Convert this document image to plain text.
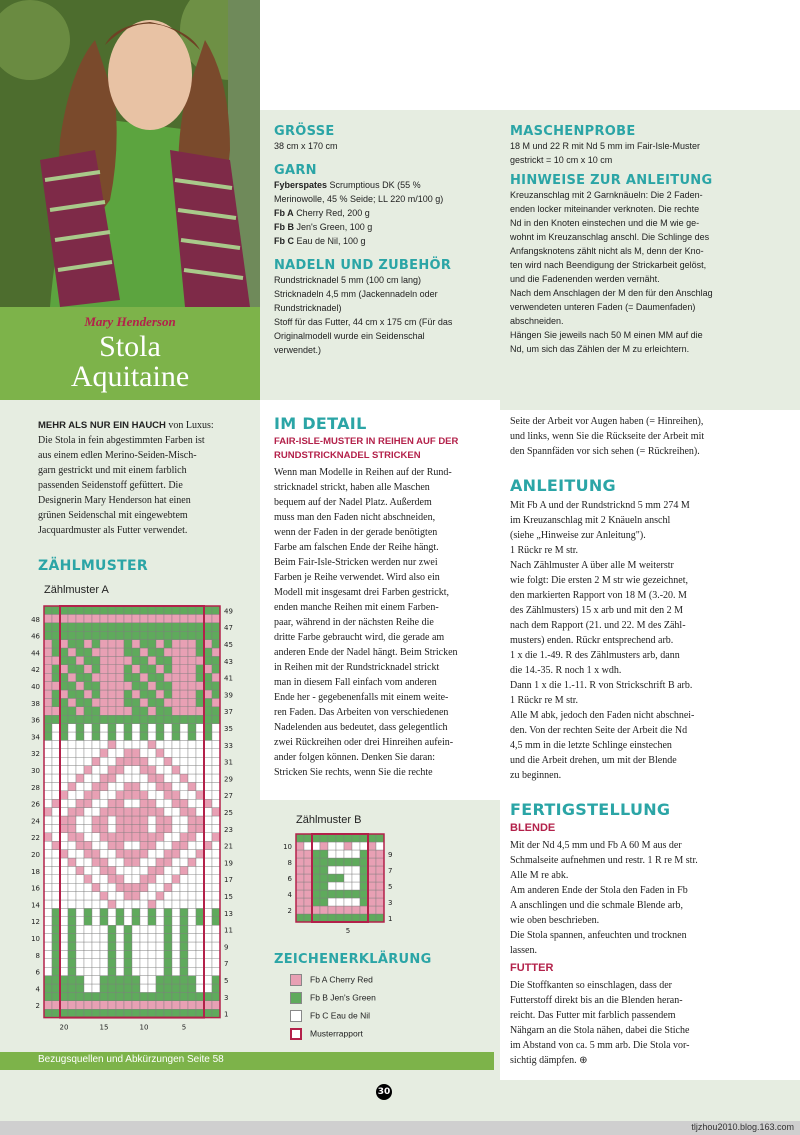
Mary Henderson
Stola
Aquitaine
GRÖSSE
38 cm x 170 cm
GARN
Fyberspates Scrumptious DK (55 %
Merinowolle, 45 % Seide; LL 220 m/100 g)
Fb A Cherry Red, 200 g
Fb B Jen's Green, 100 g
Fb C Eau de Nil, 100 g
NADELN UND ZUBEHÖR
Rundstricknadel 5 mm (100 cm lang)
Stricknadeln 4,5 mm (Jackennadeln oder
Rundstricknadel)
Stoff für das Futter, 44 cm x 175 cm (Für das
Originalmodell wurde ein Seidenschal
verwendet.)
MASCHENPROBE
18 M und 22 R mit Nd 5 mm im Fair-Isle-Muster
gestrickt = 10 cm x 10 cm
HINWEISE ZUR ANLEITUNG
Kreuzanschlag mit 2 Garnknäueln: Die 2 Faden-
enden locker miteinander verknoten. Die rechte
Nd in den Knoten einstechen und die M wie ge-
wohnt im Kreuzanschlag anschl. Die Schlinge des
Anfangsknotens zählt nicht als M, denn der Kno-
ten wird nach Beendigung der Strickarbeit gelöst,
und die Fadenenden werden vernäht.
Nach dem Anschlagen der M den für den Anschlag
verwendeten unteren Faden (= Daumenfaden)
abschneiden.
Hängen Sie jeweils nach 50 M einen MM auf die
Nd, um sich das Zählen der M zu erleichtern.
MEHR ALS NUR EIN HAUCH von Luxus:
Die Stola in fein abgestimmten Farben ist
aus einem edlen Merino-Seiden-Misch-
garn gestrickt und mit einem farblich
passenden Seidenstoff gefüttert. Die
Designerin Mary Henderson hat einen
grünen Seidenschal mit eingewebtem
Jacquardmuster als Futter verwendet.
ZÄHLMUSTER
Zählmuster A
48
46
44
42
40
38
36
34
32
30
28
26
24
22
20
18
16
14
12
10
8
6
4
2
49
47
45
43
41
39
37
35
33
31
29
27
25
23
21
19
17
15
13
11
9
7
5
3
1
20	15	10	5
IM DETAIL
FAIR-ISLE-MUSTER IN REIHEN AUF DER
RUNDSTRICKNADEL STRICKEN
Wenn man Modelle in Reihen auf der Rund-
stricknadel strickt, haben alle Maschen
bequem auf der Nadel Platz. Außerdem
muss man den Faden nicht abschneiden,
wenn der Faden in der gerade benötigten
Farbe am falschen Ende der Reihe hängt.
Beim Fair-Isle-Stricken werden nur zwei
Farben je Reihe verwendet. Wird also ein
Modell mit insgesamt drei Farben gestrickt,
enden manche Reihen mit einem Farben-
paar, während in der nächsten Reihe die
dritte Farbe gebraucht wird, die gerade am
anderen Ende der Nadel hängt. Beim Stricken
in Reihen mit der Rundstricknadel strickt
man in diesem Fall einfach vom anderen
Ende her - gegebenenfalls mit einem weite-
ren Faden. Das Arbeiten von verschiedenen
Nadelenden aus bedeutet, dass gelegentlich
zwei Rückreihen oder drei Hinreihen aufein-
ander folgen können. Denken Sie daran:
Stricken Sie rechts, wenn Sie die rechte
Zählmuster B
10
8
6
4
2
9
7
5
3
1
5
ZEICHENERKLÄRUNG
Fb A Cherry Red
Fb B Jen's Green
Fb C Eau de Nil
Musterrapport
Seite der Arbeit vor Augen haben (= Hinreihen),
und links, wenn Sie die Rückseite der Arbeit mit
den Spannfäden vor sich sehen (= Rückreihen).
ANLEITUNG
Mit Fb A und der Rundstricknd 5 mm 274 M
im Kreuzanschlag mit 2 Knäueln anschl
(siehe „Hinweise zur Anleitung").
1 Rückr re M str.
Nach Zählmuster A über alle M weiterstr
wie folgt: Die ersten 2 M str wie gezeichnet,
den markierten Rapport von 18 M (3.-20. M
des Zählmusters) 15 x arb und mit den 2 M
nach dem Rapport (21. und 22. M des Zähl-
musters) enden. Rückr entsprechend arb.
1 x die 1.-49. R des Zählmusters arb, dann
die 14.-35. R noch 1 x wdh.
Dann 1 x die 1.-11. R von Strickschrift B arb.
1 Rückr re M str.
Alle M abk, jedoch den Faden nicht abschnei-
den. Von der rechten Seite der Arbeit die Nd
4,5 mm in die letzte Schlinge einstechen
und die Arbeit drehen, um mit der Blende
zu beginnen.
FERTIGSTELLUNG
BLENDE
Mit der Nd 4,5 mm und Fb A 60 M aus der
Schmalseite aufnehmen und restr. 1 R re M str.
Alle M re abk.
Am anderen Ende der Stola den Faden in Fb
A anschlingen und die schmale Blende arb,
wie oben beschrieben.
Die Stola spannen, anfeuchten und trocknen
lassen.
FUTTER
Die Stoffkanten so einschlagen, dass der
Futterstoff direkt bis an die Blenden heran-
reicht. Das Futter mit farblich passendem
Nähgarn an die Stola nähen, dabei die Stiche
im Abstand von ca. 5 mm arb. Die Stola vor-
sichtig dämpfen. ⊕
Bezugsquellen und Abkürzungen Seite 58
30
tljzhou2010.blog.163.com
